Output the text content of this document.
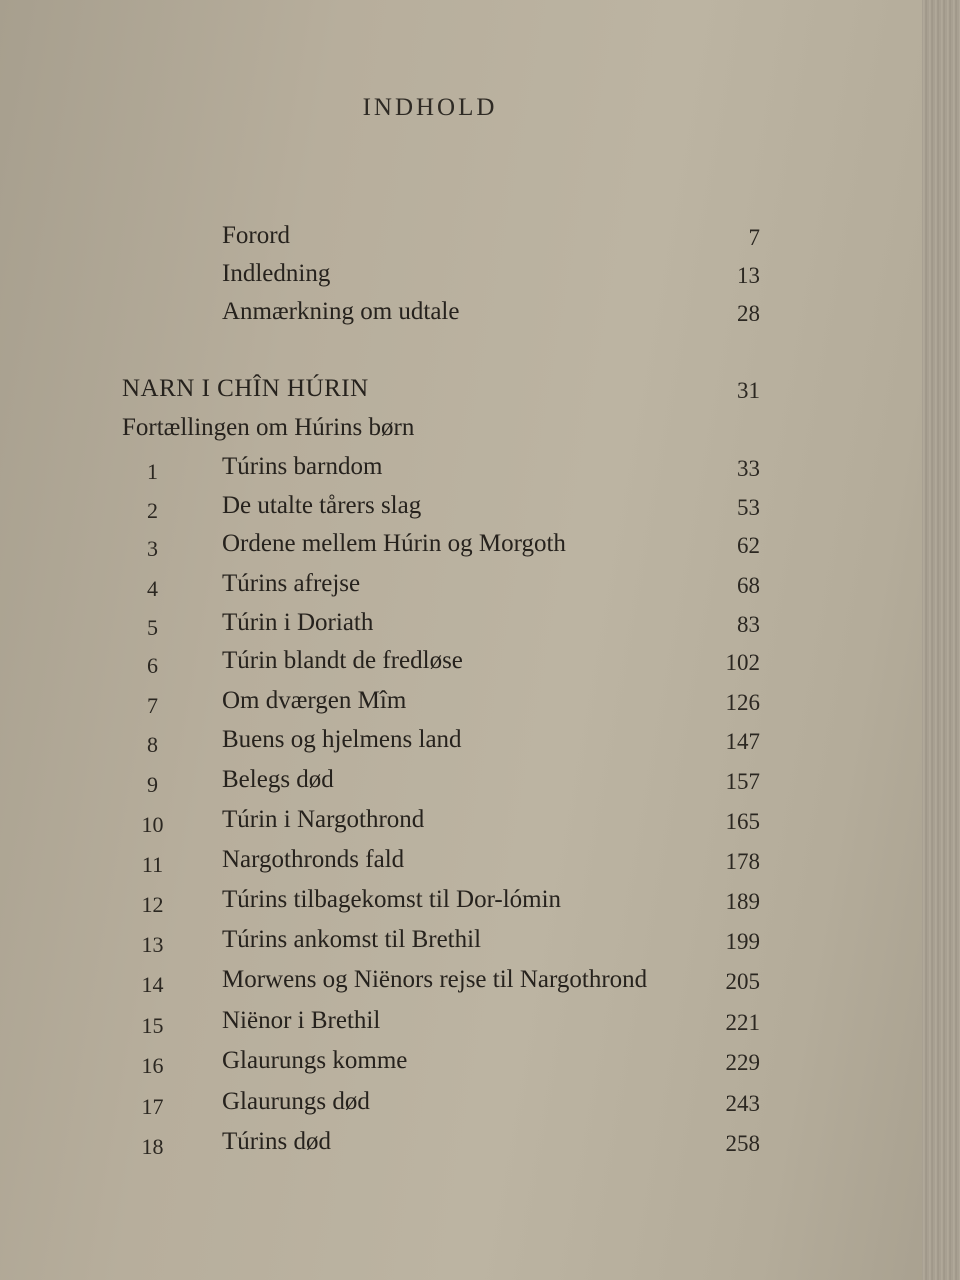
INDHOLD
Forord	7
Indledning	13
Anmærkning om udtale	28
NARN I CHÎN HÚRIN	31
Fortællingen om Húrins børn
1	Túrins barndom	33
2	De utalte tårers slag	53
3	Ordene mellem Húrin og Morgoth	62
4	Túrins afrejse	68
5	Túrin i Doriath	83
6	Túrin blandt de fredløse	102
7	Om dværgen Mîm	126
8	Buens og hjelmens land	147
9	Belegs død	157
10	Túrin i Nargothrond	165
11	Nargothronds fald	178
12	Túrins tilbagekomst til Dor-lómin	189
13	Túrins ankomst til Brethil	199
14	Morwens og Niënors rejse til Nargothrond	205
15	Niënor i Brethil	221
16	Glaurungs komme	229
17	Glaurungs død	243
18	Túrins død	258
